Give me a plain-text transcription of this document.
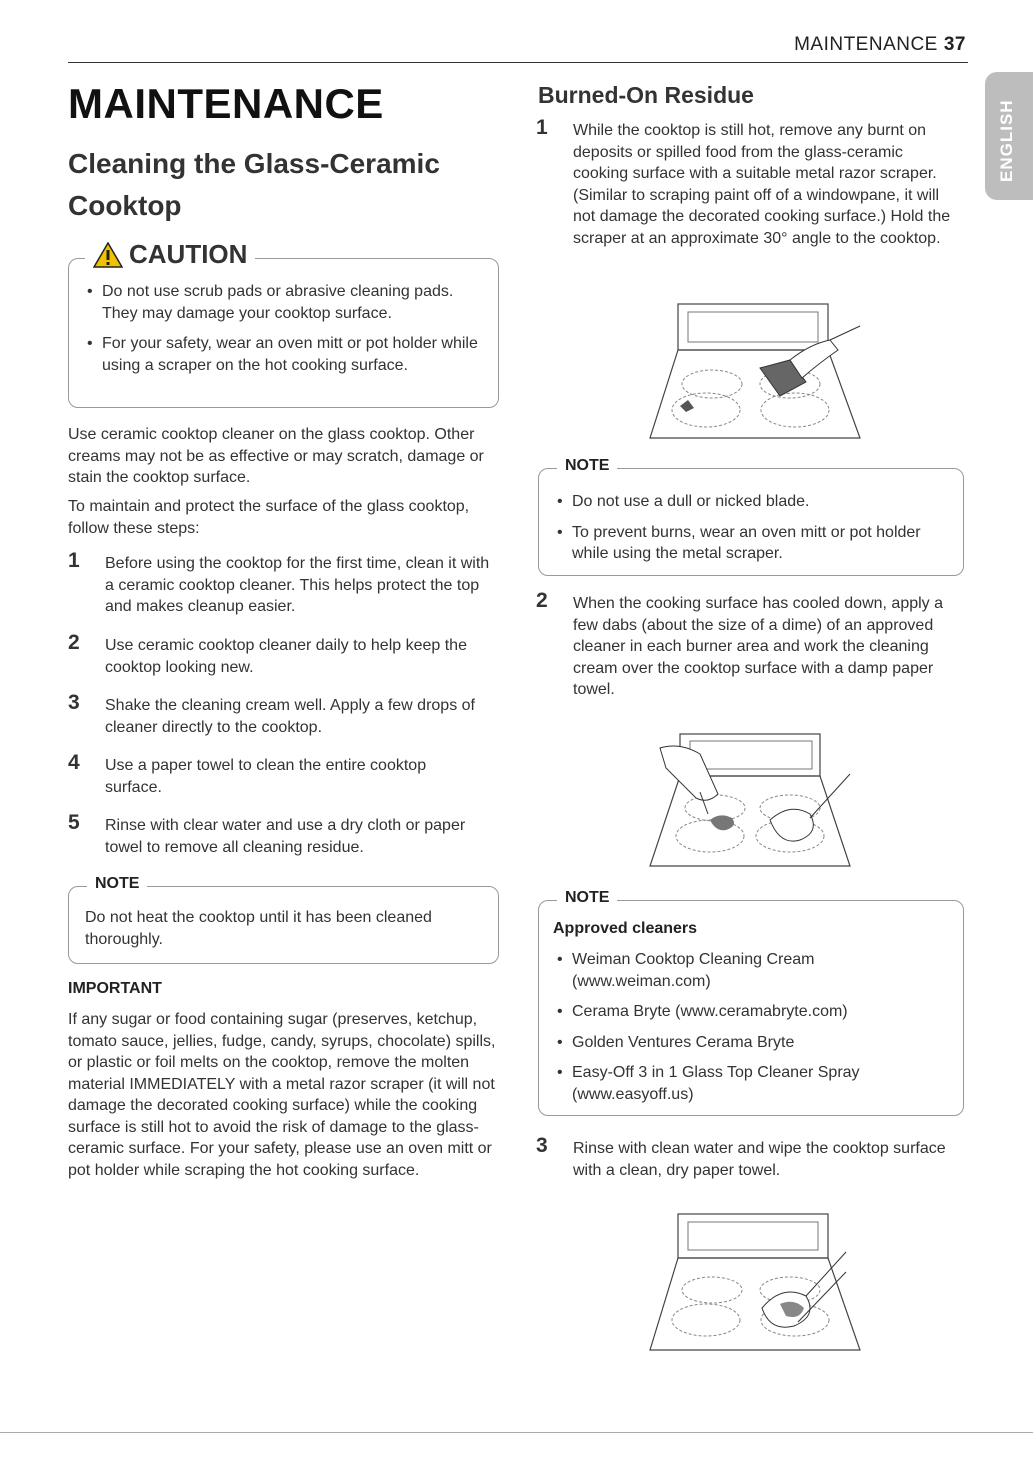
MAINTENANCE 37
ENGLISH
MAINTENANCE
Cleaning the Glass-Ceramic Cooktop
CAUTION
• Do not use scrub pads or abrasive cleaning pads. They may damage your cooktop surface.
• For your safety, wear an oven mitt or pot holder while using a scraper on the hot cooking surface.

Use ceramic cooktop cleaner on the glass cooktop. Other creams may not be as effective or may scratch, damage or stain the cooktop surface.

To maintain and protect the surface of the glass cooktop, follow these steps:

1	Before using the cooktop for the first time, clean it with a ceramic cooktop cleaner. This helps protect the top and makes cleanup easier.
2	Use ceramic cooktop cleaner daily to help keep the cooktop looking new.
3	Shake the cleaning cream well. Apply a few drops of cleaner directly to the cooktop.
4	Use a paper towel to clean the entire cooktop surface.
5	Rinse with clear water and use a dry cloth or paper towel to remove all cleaning residue.
NOTE

Do not heat the cooktop until it has been cleaned thoroughly.

IMPORTANT

If any sugar or food containing sugar (preserves, ketchup, tomato sauce, jellies, fudge, candy, syrups, chocolate) spills, or plastic or foil melts on the cooktop, remove the molten material IMMEDIATELY with a metal razor scraper (it will not damage the decorated cooking surface) while the cooking surface is still hot to avoid the risk of damage to the glass-ceramic surface. For your safety, please use an oven mitt or pot holder while scraping the hot cooking surface.

Burned-On Residue
1	While the cooktop is still hot, remove any burnt on deposits or spilled food from the glass-ceramic cooking surface with a suitable metal razor scraper. (Similar to scraping paint off of a windowpane, it will not damage the decorated cooking surface.) Hold the scraper at an approximate 30° angle to the cooktop.
NOTE
• Do not use a dull or nicked blade.
• To prevent burns, wear an oven mitt or pot holder while using the metal scraper.
2	When the cooking surface has cooled down, apply a few dabs (about the size of a dime) of an approved cleaner in each burner area and work the cleaning cream over the cooktop surface with a damp paper towel.
NOTE
Approved cleaners
• Weiman Cooktop Cleaning Cream (www.weiman.com)
• Cerama Bryte (www.ceramabryte.com)
• Golden Ventures Cerama Bryte
• Easy-Off 3 in 1 Glass Top Cleaner Spray (www.easyoff.us)
3	Rinse with clean water and wipe the cooktop surface with a clean, dry paper towel.
